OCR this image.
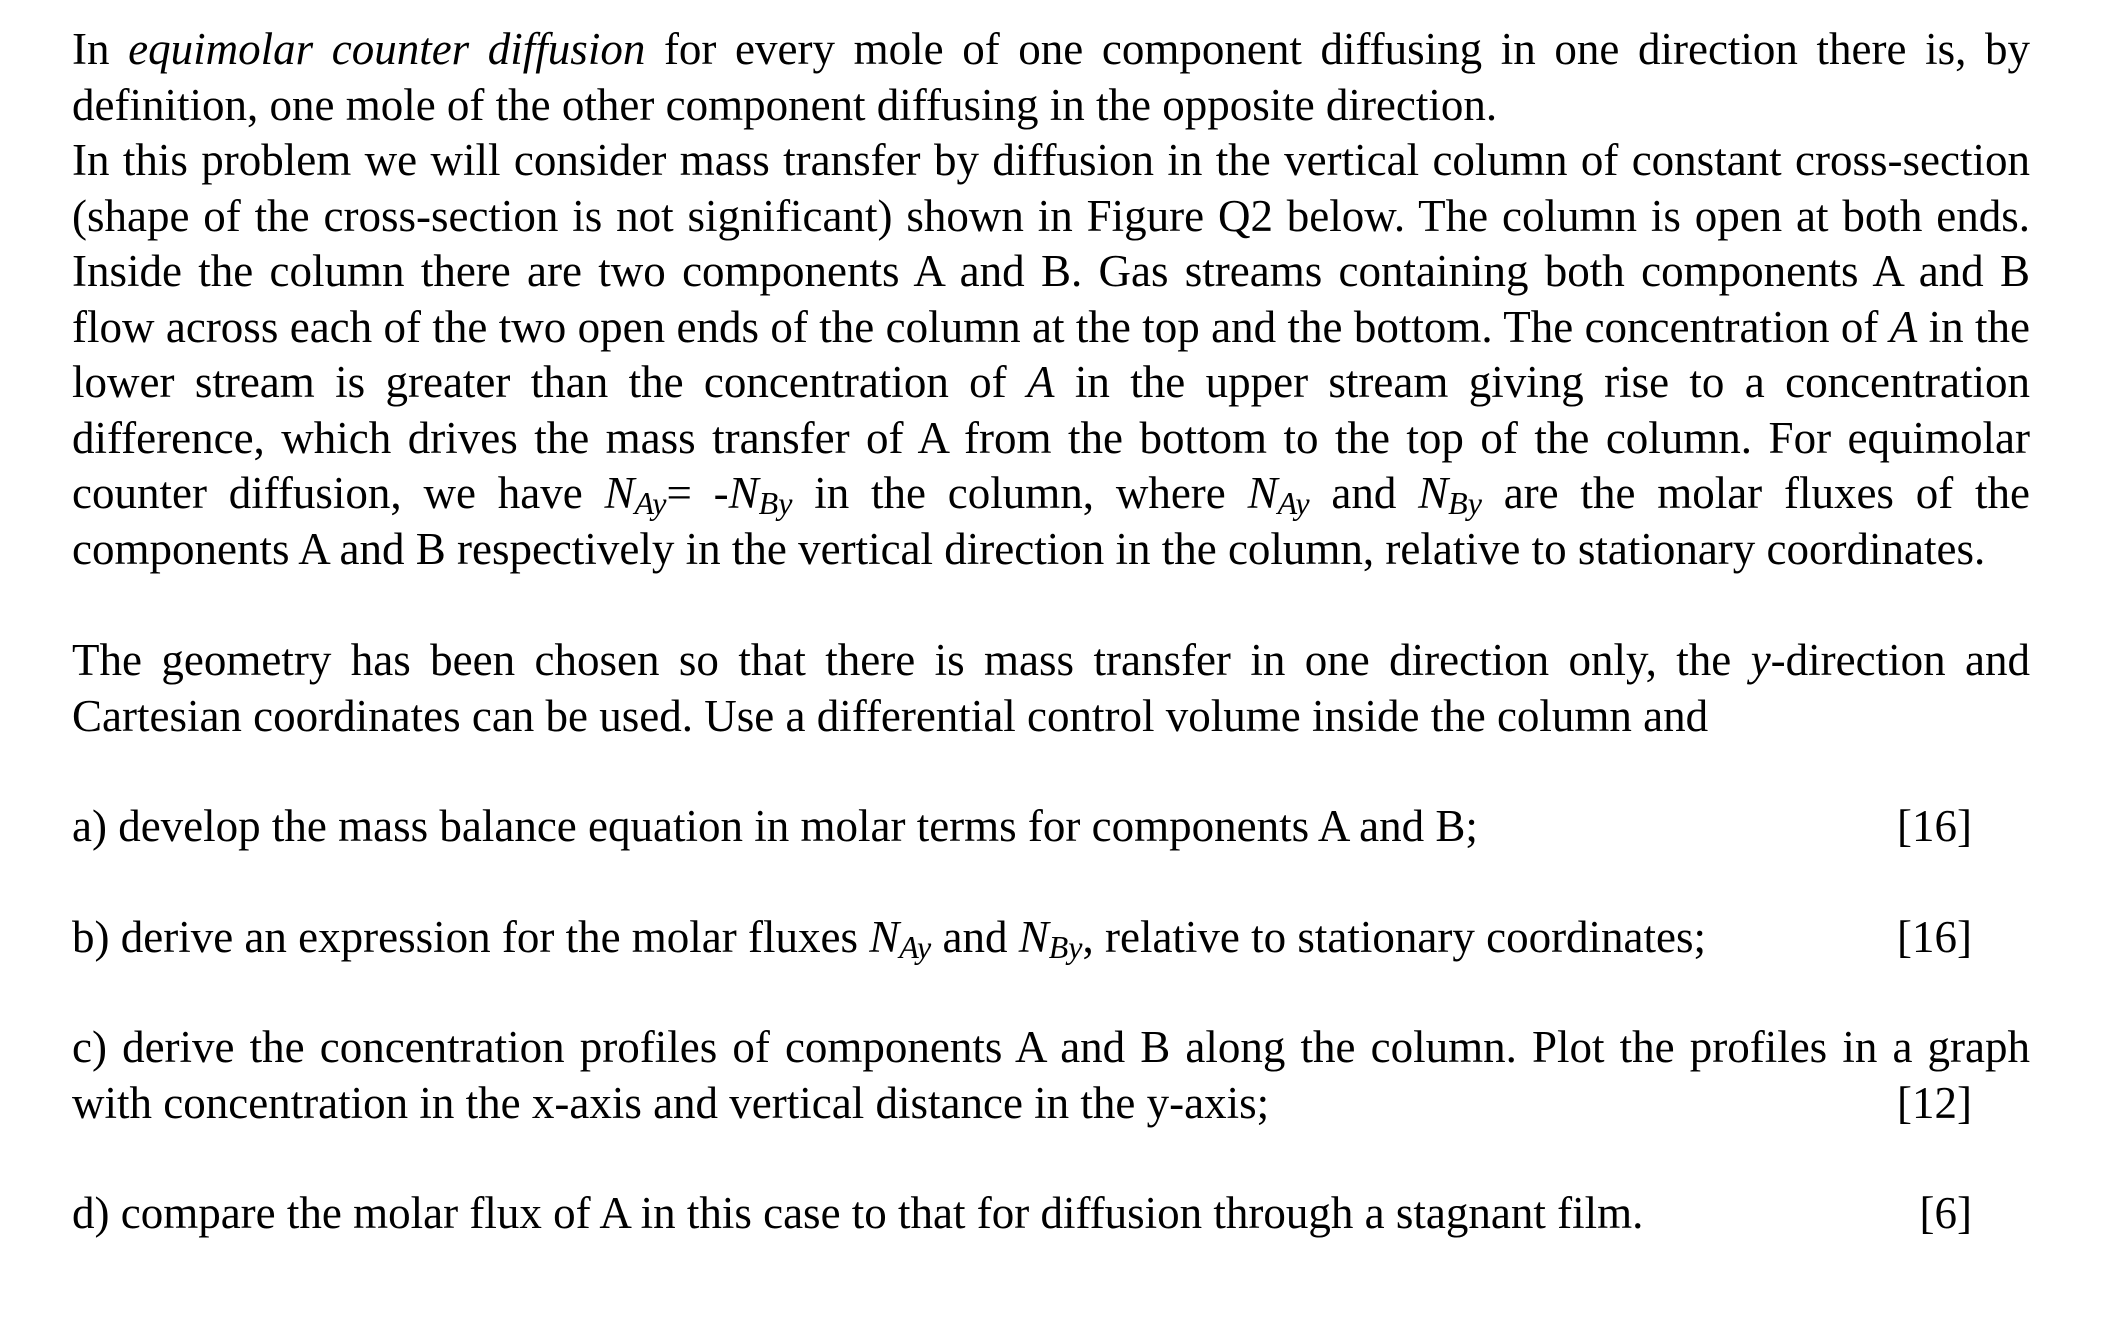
In equimolar counter diffusion for every mole of one component diffusing in one direction there is, by definition, one mole of the other component diffusing in the opposite direction.
In this problem we will consider mass transfer by diffusion in the vertical column of constant cross-section (shape of the cross-section is not significant) shown in Figure Q2 below. The column is open at both ends. Inside the column there are two components A and B. Gas streams containing both components A and B flow across each of the two open ends of the column at the top and the bottom. The concentration of A in the lower stream is greater than the concentration of A in the upper stream giving rise to a concentration difference, which drives the mass transfer of A from the bottom to the top of the column. For equimolar counter diffusion, we have $N_{Ay}= -N_{By}$ in the column, where $N_{Ay}$ and $N_{By}$ are the molar fluxes of the components A and B respectively in the vertical direction in the column, relative to stationary coordinates.

The geometry has been chosen so that there is mass transfer in one direction only, the y-direction and Cartesian coordinates can be used. Use a differential control volume inside the column and

a) develop the mass balance equation in molar terms for components A and B;	[16]

b) derive an expression for the molar fluxes $N_{Ay}$ and $N_{By}$, relative to stationary coordinates;	[16]

c) derive the concentration profiles of components A and B along the column. Plot the profiles in a graph with concentration in the x-axis and vertical distance in the y-axis;	[12]

d) compare the molar flux of A in this case to that for diffusion through a stagnant film.	[6]
